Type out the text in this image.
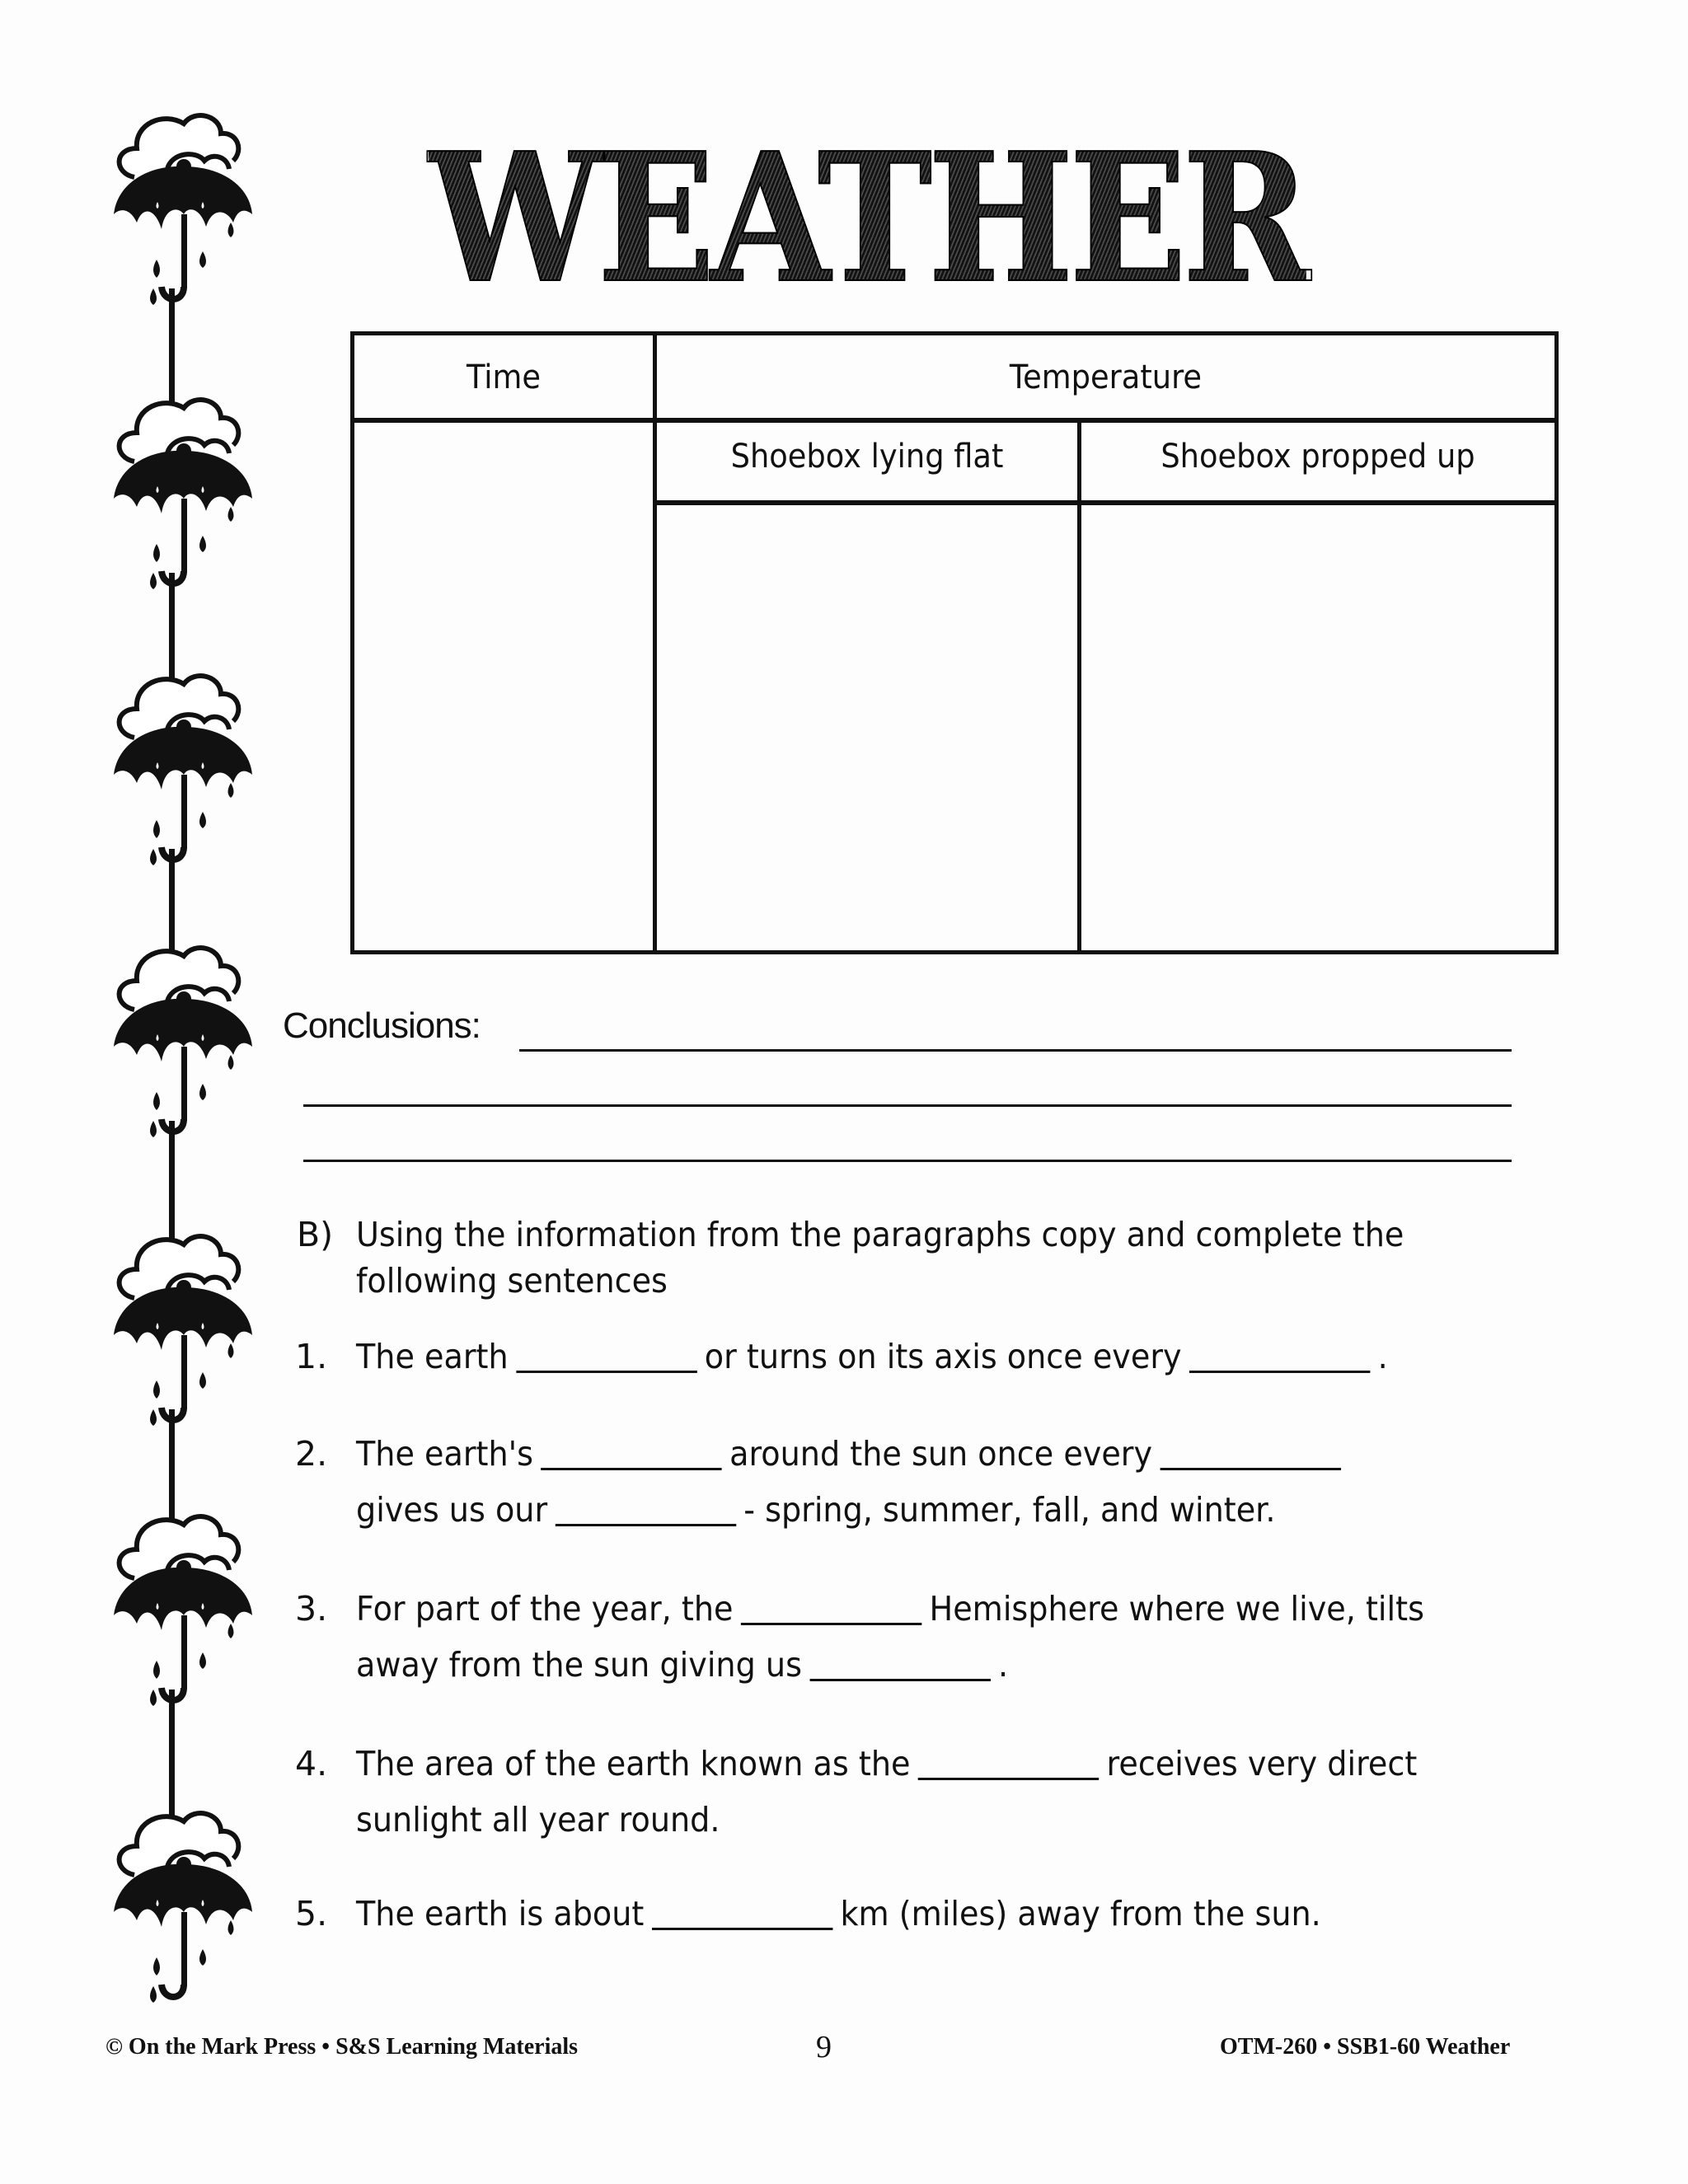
WEATHER
Time	Temperature
Shoebox lying flat	Shoebox propped up
Conclusions:
B) Using the information from the paragraphs copy and complete the following sentences
1. The earth	or turns on its axis once every	.
2. The earth's	around the sun once every
gives us our	- spring, summer, fall, and winter.
3. For part of the year, the	Hemisphere where we live, tilts
away from the sun giving us	.
4. The area of the earth known as the	receives very direct
sunlight all year round.
5. The earth is about	km (miles) away from the sun.
© On the Mark Press • S&S Learning Materials	9	OTM-260 • SSB1-60 Weather
